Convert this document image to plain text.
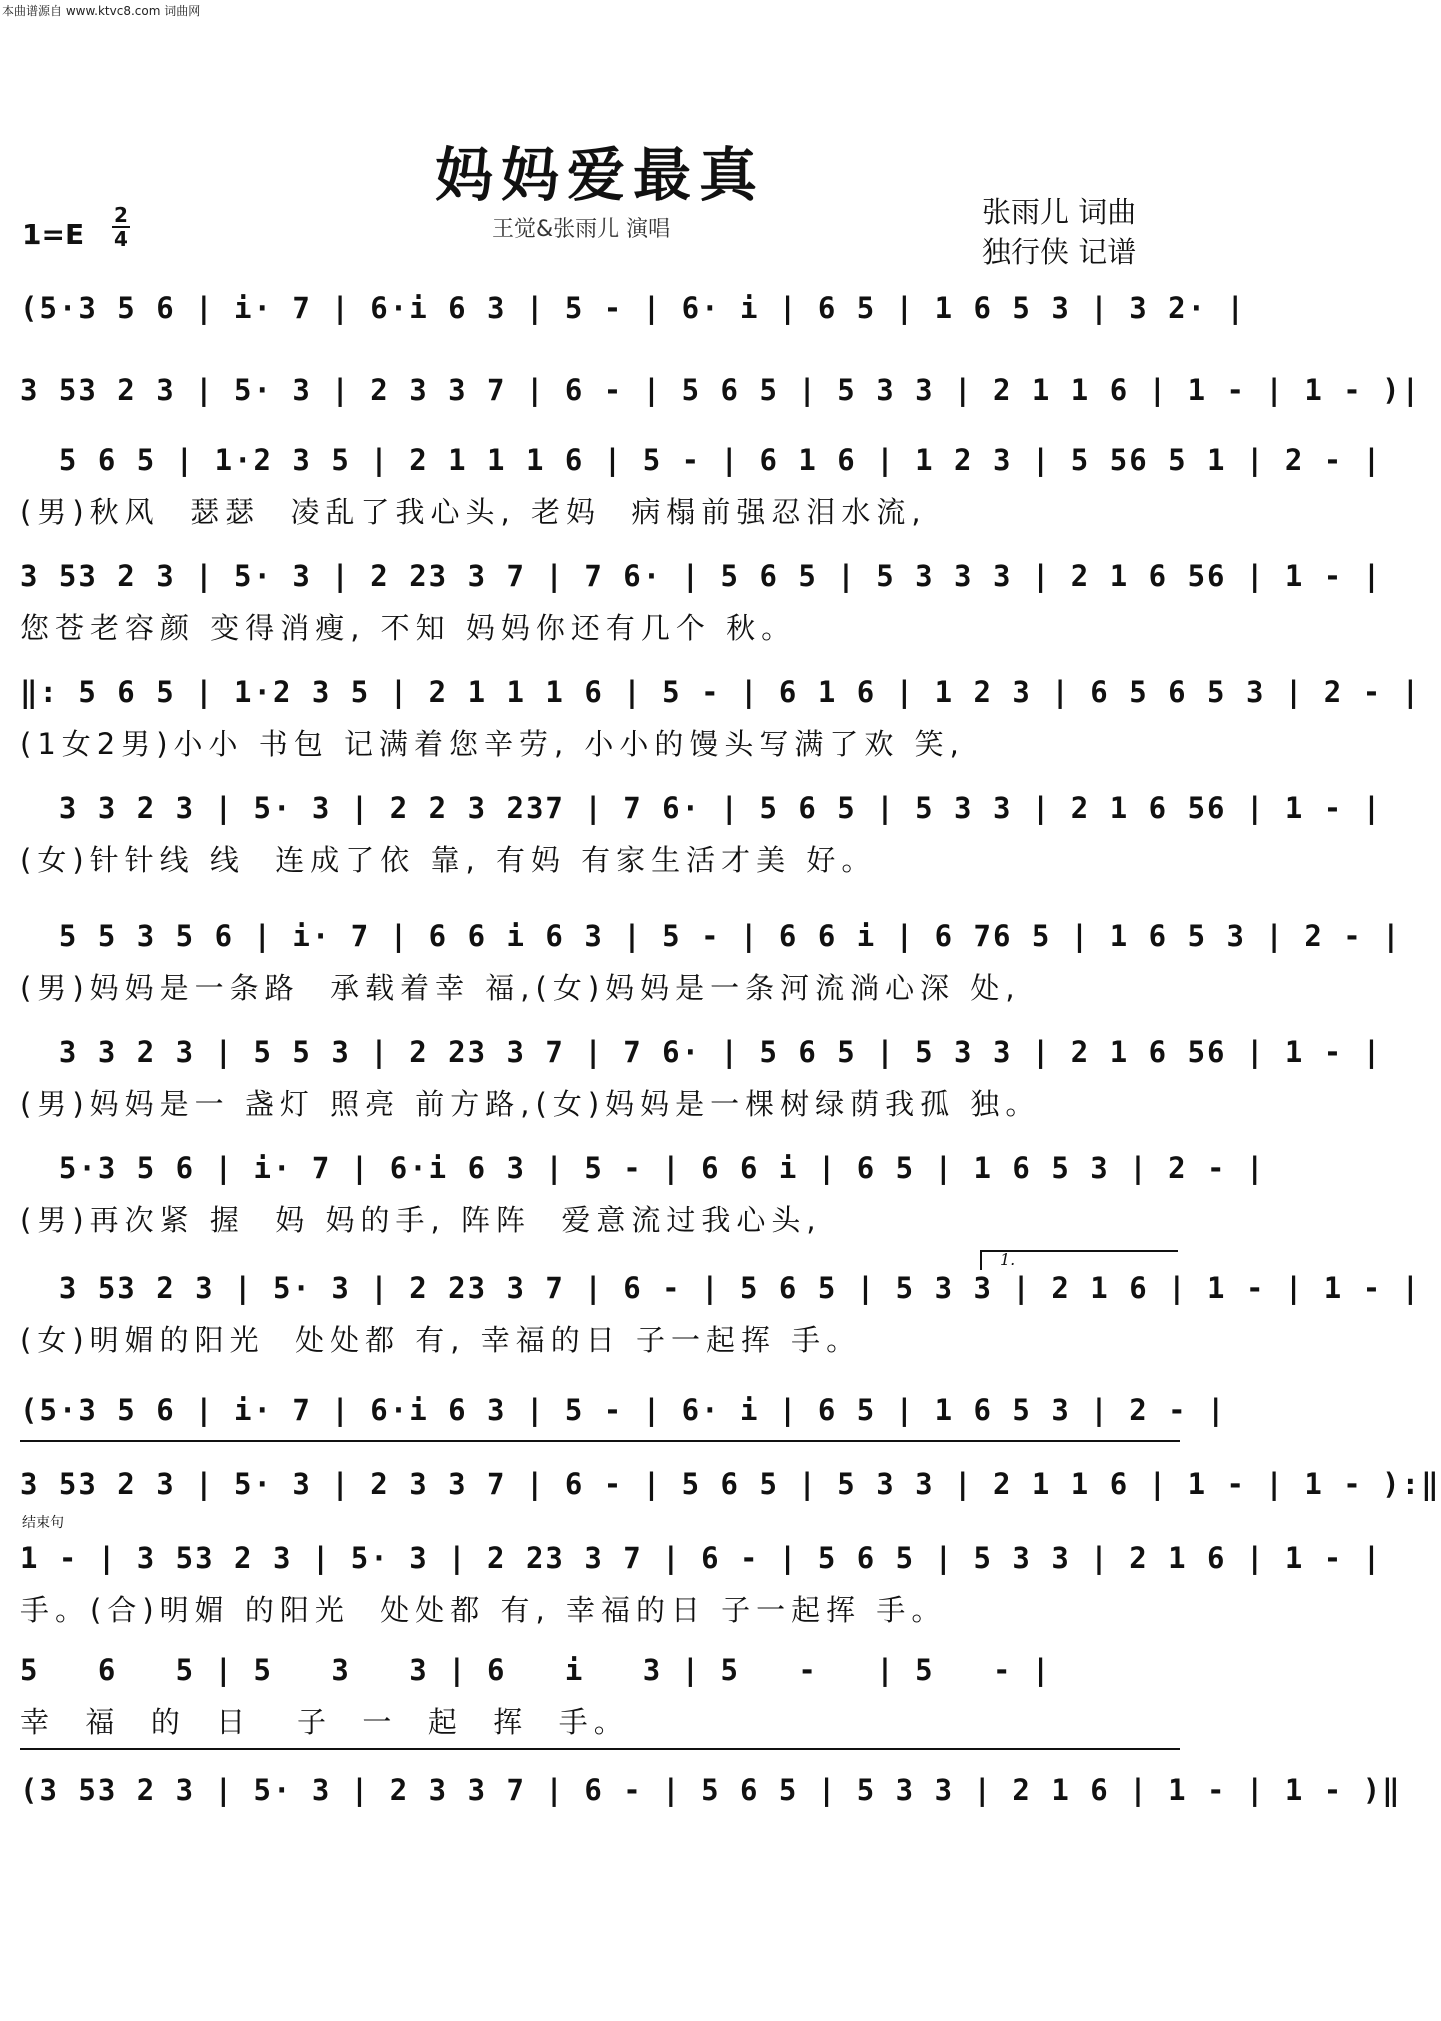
本曲谱源自 www.ktvc8.com 词曲网
妈妈爱最真
1=E
2
4	王觉&张雨儿 演唱
张雨儿 词曲
独行侠 记谱
(5·3 5 6 | i· 7 | 6·i 6 3 | 5 - | 6· i | 6 5 | 1 6 5 3 | 3 2· |
3 53 2 3 | 5· 3 | 2 3 3 7 | 6 - | 5 6 5 | 5 3 3 | 2 1 1 6 | 1 - | 1 - )|
5 6 5 | 1·2 3 5 | 2 1 1 1 6 | 5 - | 6 1 6 | 1 2 3 | 5 56 5 1 | 2 - |
(男)秋风  瑟瑟  凌乱了我心头, 老妈  病榻前强忍泪水流,
3 53 2 3 | 5· 3 | 2 23 3 7 | 7 6· | 5 6 5 | 5 3 3 3 | 2 1 6 56 | 1 - |
您苍老容颜 变得消瘦, 不知 妈妈你还有几个 秋。
‖: 5 6 5 | 1·2 3 5 | 2 1 1 1 6 | 5 - | 6 1 6 | 1 2 3 | 6 5 6 5 3 | 2 - |
(1女2男)小小 书包 记满着您辛劳, 小小的馒头写满了欢 笑,
3 3 2 3 | 5· 3 | 2 2 3 237 | 7 6· | 5 6 5 | 5 3 3 | 2 1 6 56 | 1 - |
(女)针针线 线  连成了依 靠, 有妈 有家生活才美 好。
5 5 3 5 6 | i· 7 | 6 6 i 6 3 | 5 - | 6 6 i | 6 76 5 | 1 6 5 3 | 2 - |
(男)妈妈是一条路  承载着幸 福,(女)妈妈是一条河流淌心深 处,
3 3 2 3 | 5 5 3 | 2 23 3 7 | 7 6· | 5 6 5 | 5 3 3 | 2 1 6 56 | 1 - |
(男)妈妈是一 盏灯 照亮 前方路,(女)妈妈是一棵树绿荫我孤 独。
5·3 5 6 | i· 7 | 6·i 6 3 | 5 - | 6 6 i | 6 5 | 1 6 5 3 | 2 - |
(男)再次紧 握  妈 妈的手, 阵阵  爱意流过我心头,
1.
3 53 2 3 | 5· 3 | 2 23 3 7 | 6 - | 5 6 5 | 5 3 3 | 2 1 6 | 1 - | 1 - |
(女)明媚的阳光  处处都 有, 幸福的日 子一起挥 手。
(5·3 5 6 | i· 7 | 6·i 6 3 | 5 - | 6· i | 6 5 | 1 6 5 3 | 2 - |
3 53 2 3 | 5· 3 | 2 3 3 7 | 6 - | 5 6 5 | 5 3 3 | 2 1 1 6 | 1 - | 1 - ):‖
结束句
1 - | 3 53 2 3 | 5· 3 | 2 23 3 7 | 6 - | 5 6 5 | 5 3 3 | 2 1 6 | 1 - |
手。(合)明媚 的阳光  处处都 有, 幸福的日 子一起挥 手。
5   6   5 | 5   3   3 | 6   i   3 | 5   -   | 5   - |
幸  福  的  日   子  一  起  挥  手。
(3 53 2 3 | 5· 3 | 2 3 3 7 | 6 - | 5 6 5 | 5 3 3 | 2 1 6 | 1 - | 1 - )‖
